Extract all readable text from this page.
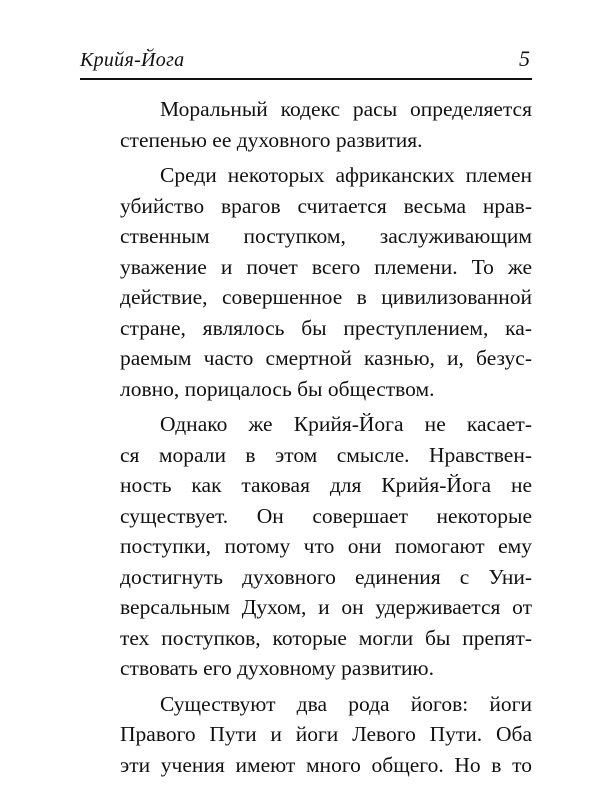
Крийя-Йога	5
Моральный кодекс расы определяется
степенью ее духовного развития.
Среди некоторых африканских племен
убийство врагов считается весьма нрав-
ственным поступком, заслуживающим
уважение и почет всего племени. То же
действие, совершенное в цивилизованной
стране, являлось бы преступлением, ка-
раемым часто смертной казнью, и, безус-
ловно, порицалось бы обществом.
Однако же Крийя-Йога не касает-
ся морали в этом смысле. Нравствен-
ность как таковая для Крийя-Йога не
существует. Он совершает некоторые
поступки, потому что они помогают ему
достигнуть духовного единения с Уни-
версальным Духом, и он удерживается от
тех поступков, которые могли бы препят-
ствовать его духовному развитию.
Существуют два рода йогов: йоги
Правого Пути и йоги Левого Пути. Оба
эти учения имеют много общего. Но в то
